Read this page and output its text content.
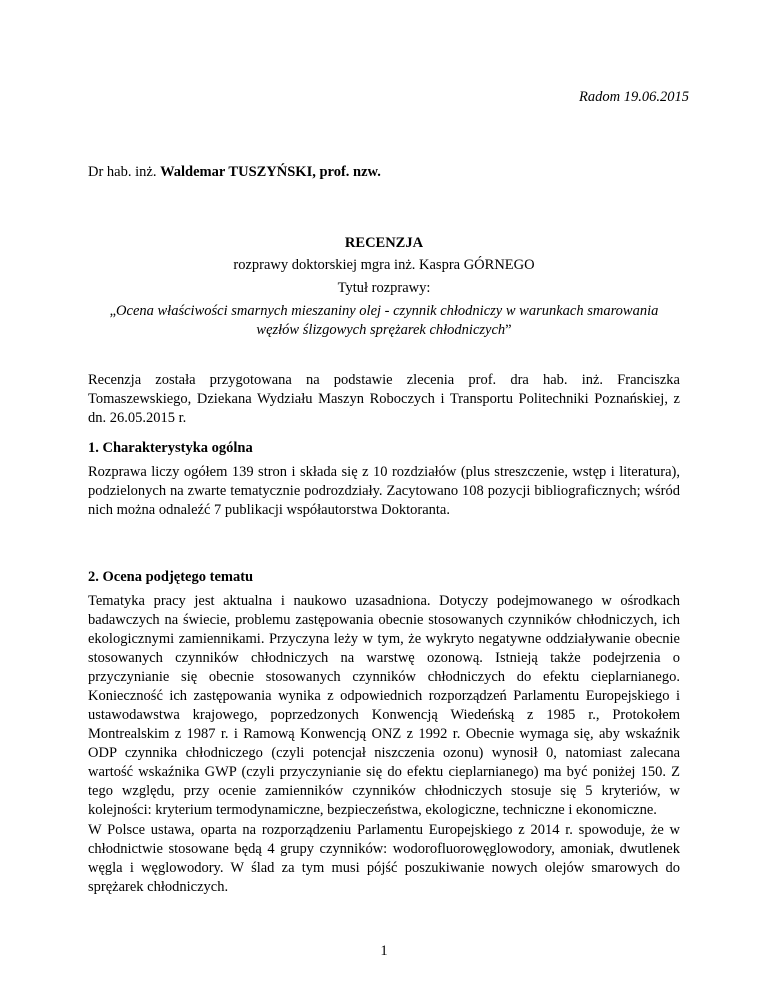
Radom 19.06.2015
Dr hab. inż. Waldemar TUSZYŃSKI, prof. nzw.
RECENZJA
rozprawy doktorskiej mgra inż. Kaspra GÓRNEGO
Tytuł rozprawy:
„Ocena właściwości smarnych mieszaniny olej - czynnik chłodniczy w warunkach smarowania węzłów ślizgowych sprężarek chłodniczych”

Recenzja została przygotowana na podstawie zlecenia prof. dra hab. inż. Franciszka Tomaszewskiego, Dziekana Wydziału Maszyn Roboczych i Transportu Politechniki Poznańskiej, z dn. 26.05.2015 r.

1. Charakterystyka ogólna

Rozprawa liczy ogółem 139 stron i składa się z 10 rozdziałów (plus streszczenie, wstęp i literatura), podzielonych na zwarte tematycznie podrozdziały. Zacytowano 108 pozycji bibliograficznych; wśród nich można odnaleźć 7 publikacji współautorstwa Doktoranta.

2. Ocena podjętego tematu

Tematyka pracy jest aktualna i naukowo uzasadniona. Dotyczy podejmowanego w ośrodkach badawczych na świecie, problemu zastępowania obecnie stosowanych czynników chłodniczych, ich ekologicznymi zamiennikami. Przyczyna leży w tym, że wykryto negatywne oddziaływanie obecnie stosowanych czynników chłodniczych na warstwę ozonową. Istnieją także podejrzenia o przyczynianie się obecnie stosowanych czynników chłodniczych do efektu cieplarnianego. Konieczność ich zastępowania wynika z odpowiednich rozporządzeń Parlamentu Europejskiego i ustawodawstwa krajowego, poprzedzonych Konwencją Wiedeńską z 1985 r., Protokołem Montrealskim z 1987 r. i Ramową Konwencją ONZ z 1992 r. Obecnie wymaga się, aby wskaźnik ODP czynnika chłodniczego (czyli potencjał niszczenia ozonu) wynosił 0, natomiast zalecana wartość wskaźnika GWP (czyli przyczynianie się do efektu cieplarnianego) ma być poniżej 150. Z tego względu, przy ocenie zamienników czynników chłodniczych stosuje się 5 kryteriów, w kolejności: kryterium termodynamiczne, bezpieczeństwa, ekologiczne, techniczne i ekonomiczne.

W Polsce ustawa, oparta na rozporządzeniu Parlamentu Europejskiego z 2014 r. spowoduje, że w chłodnictwie stosowane będą 4 grupy czynników: wodorofluorowęglowodory, amoniak, dwutlenek węgla i węglowodory. W ślad za tym musi pójść poszukiwanie nowych olejów smarowych do sprężarek chłodniczych.

1
